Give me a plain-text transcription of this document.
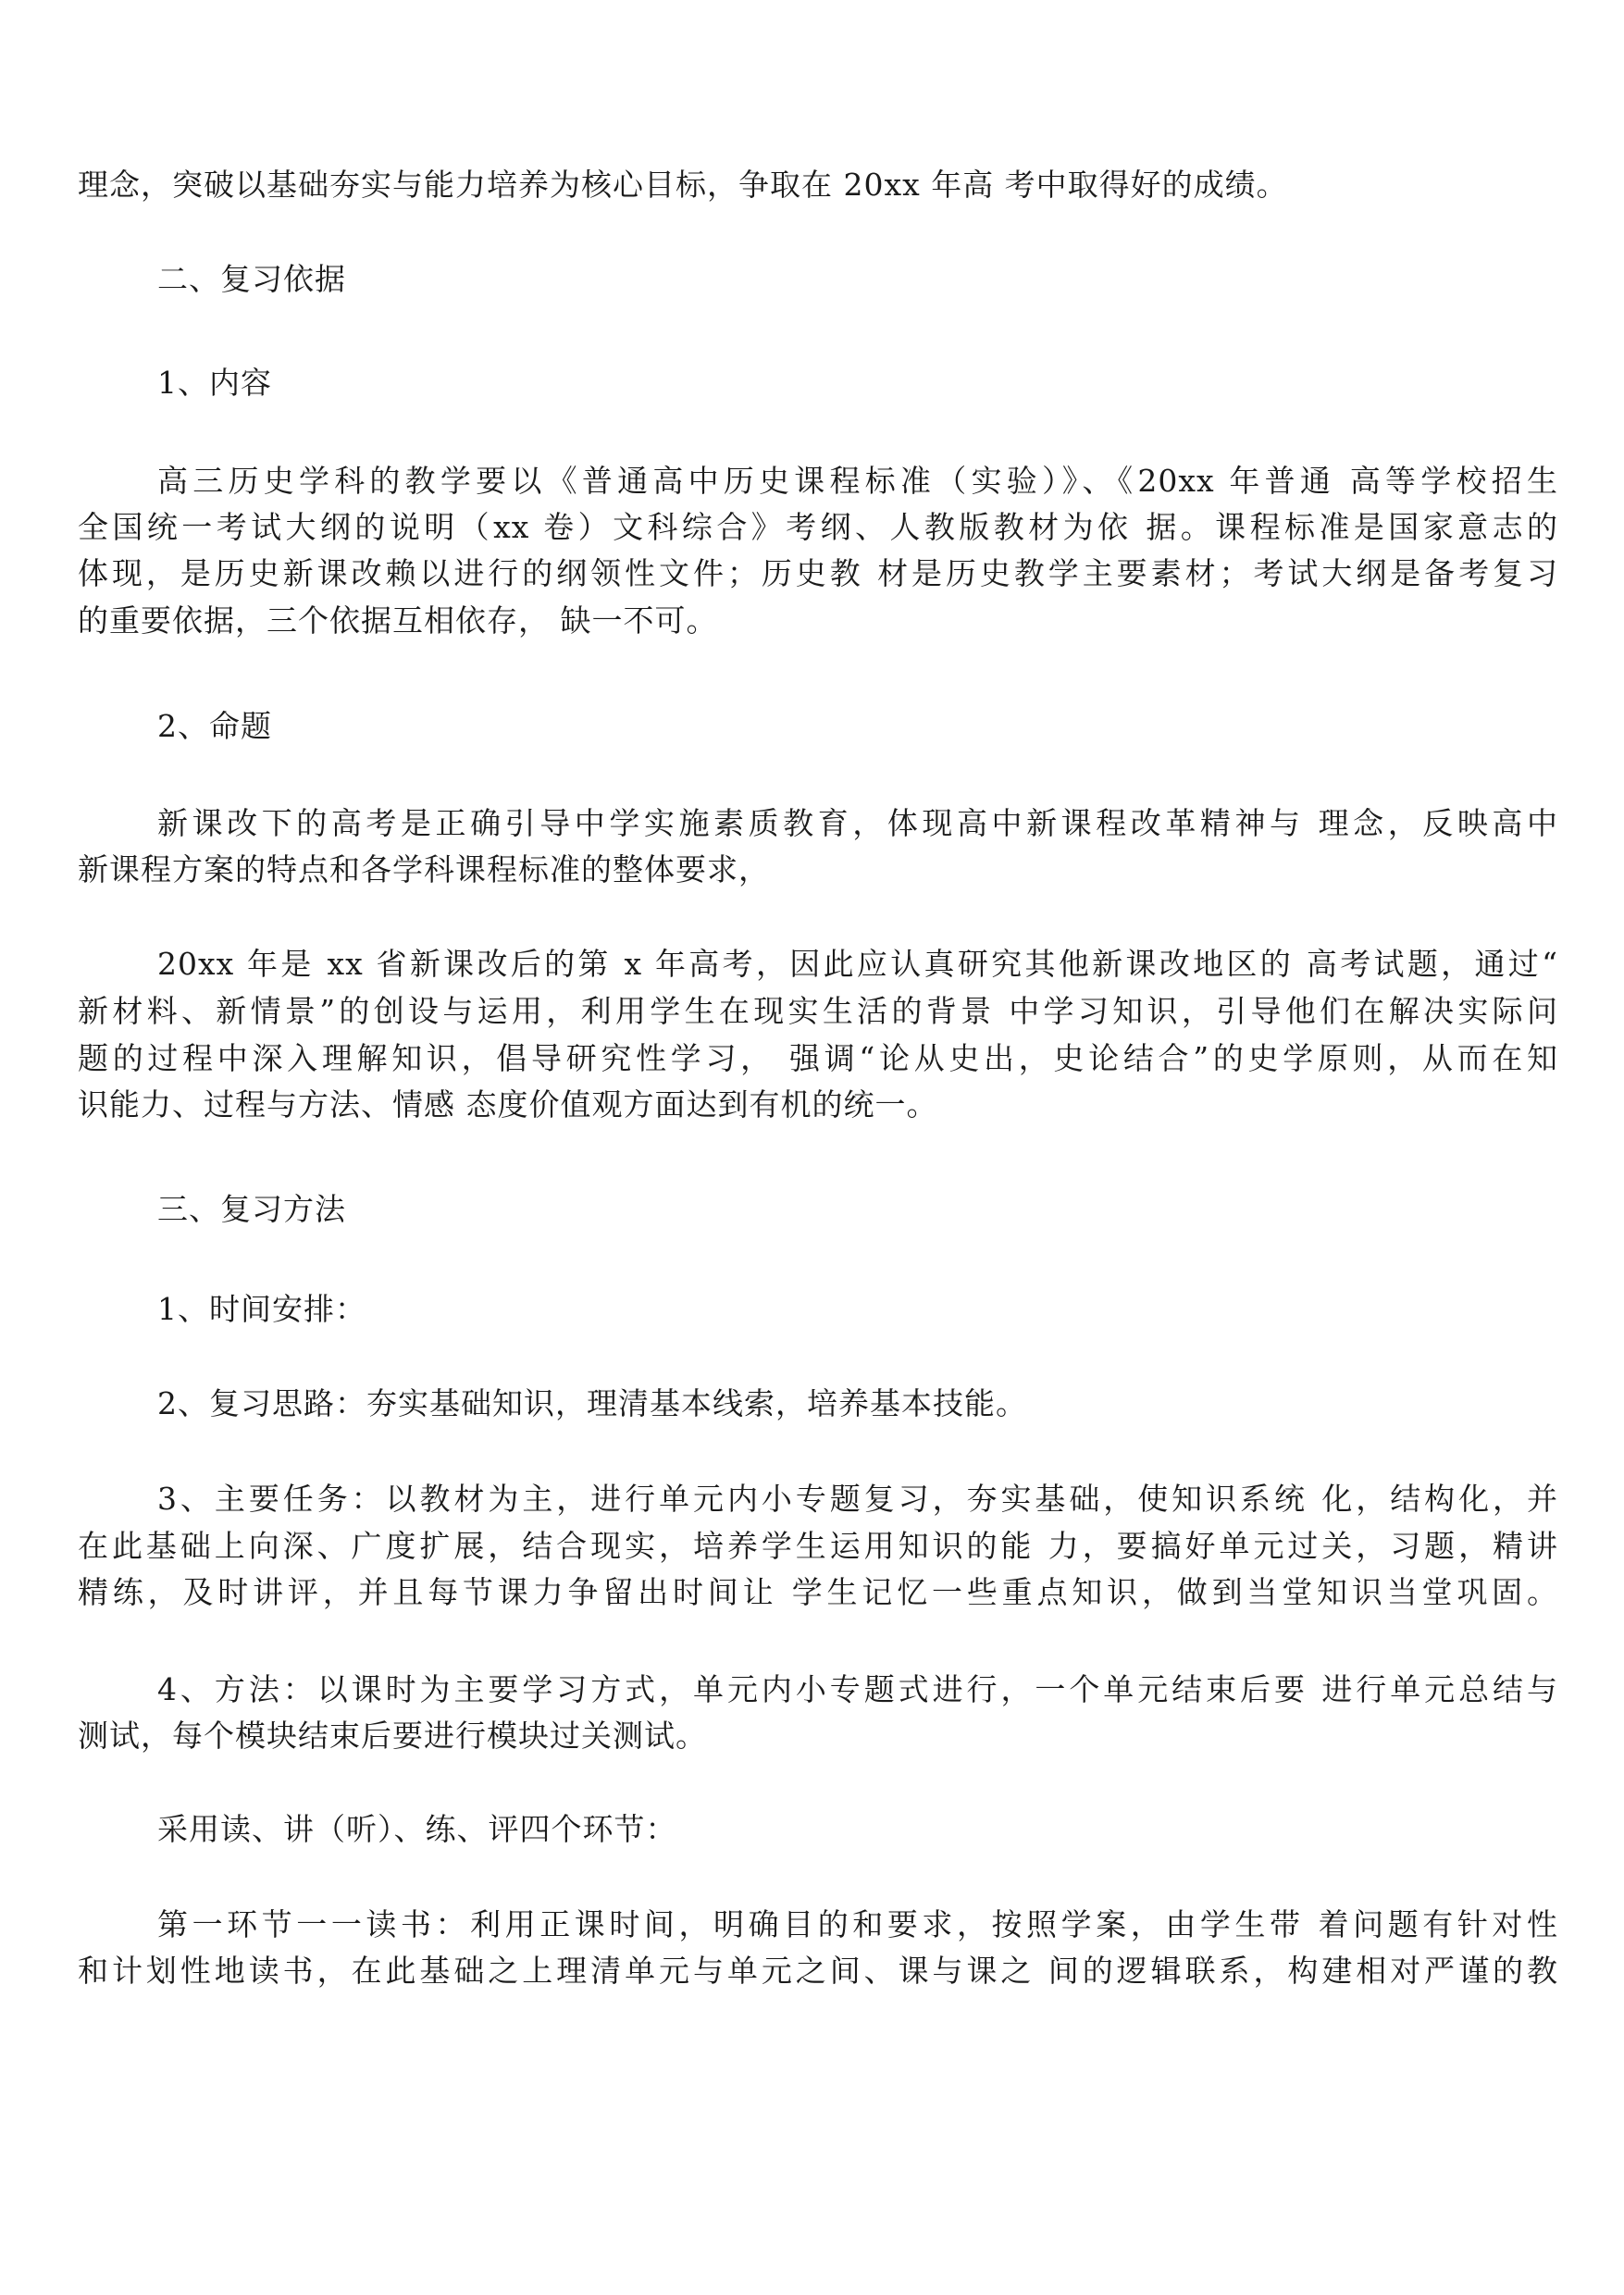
理念，突破以基础夯实与能力培养为核心目标，争取在 20xx 年高 考中取得好的成绩。
二、复习依据
1、内容
高三历史学科的教学要以《普通高中历史课程标准（实验）》、《20xx 年普通 高等学校招生
全国统一考试大纲的说明（xx 卷）文科综合》考纲、人教版教材为依 据。课程标准是国家意志的
体现，是历史新课改赖以进行的纲领性文件；历史教 材是历史教学主要素材；考试大纲是备考复习
的重要依据，三个依据互相依存， 缺一不可。
2、命题
新课改下的高考是正确引导中学实施素质教育，体现高中新课程改革精神与 理念，反映高中
新课程方案的特点和各学科课程标准的整体要求，
20xx 年是 xx 省新课改后的第 x 年高考，因此应认真研究其他新课改地区的 高考试题，通过“
新材料、新情景”的创设与运用，利用学生在现实生活的背景 中学习知识，引导他们在解决实际问
题的过程中深入理解知识，倡导研究性学习， 强调“论从史出，史论结合”的史学原则，从而在知
识能力、过程与方法、情感 态度价值观方面达到有机的统一。
三、复习方法
1、时间安排：
2、复习思路：夯实基础知识，理清基本线索，培养基本技能。
3、主要任务：以教材为主，进行单元内小专题复习，夯实基础，使知识系统 化，结构化，并
在此基础上向深、广度扩展，结合现实，培养学生运用知识的能 力，要搞好单元过关，习题，精讲
精练，及时讲评，并且每节课力争留出时间让 学生记忆一些重点知识，做到当堂知识当堂巩固。
4、方法：以课时为主要学习方式，单元内小专题式进行，一个单元结束后要 进行单元总结与
测试，每个模块结束后要进行模块过关测试。
采用读、讲（听）、练、评四个环节：
第一环节一一读书：利用正课时间，明确目的和要求，按照学案，由学生带 着问题有针对性
和计划性地读书，在此基础之上理清单元与单元之间、课与课之 间的逻辑联系，构建相对严谨的教
